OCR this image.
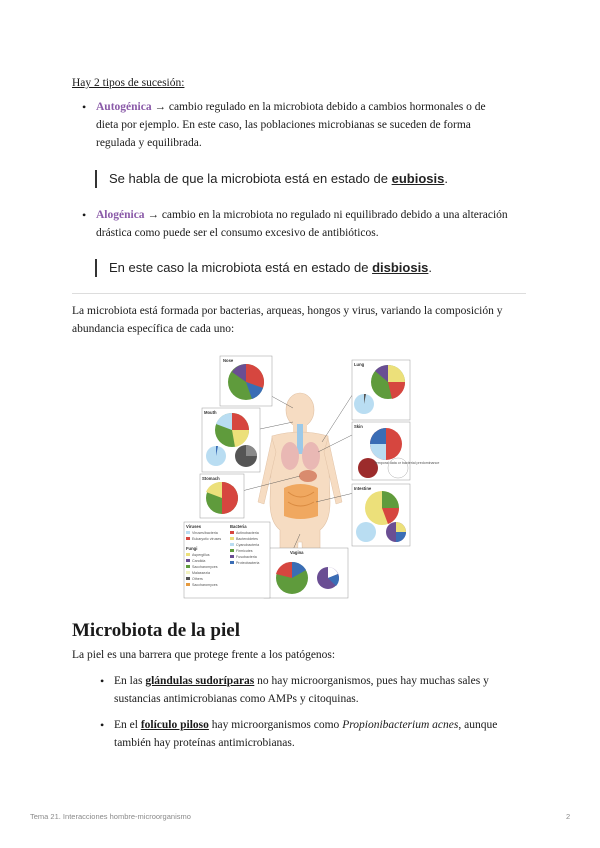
Hay 2 tipos de sucesión:
• Autogénica → cambio regulado en la microbiota debido a cambios hormonales o de
dieta por ejemplo. En este caso, las poblaciones microbianas se suceden de forma
regulada y equilibrada.
Se habla de que la microbiota está en estado de eubiosis.
• Alogénica → cambio en la microbiota no regulado ni equilibrado debido a una alteración
drástica como puede ser el consumo excesivo de antibióticos.
En este caso la microbiota está en estado de disbiosis.
La microbiota está formada por bacterias, arqueas, hongos y virus, variando la composición y
abundancia específica de cada uno:
Nose
Mouth
Stomach
Lung
Skin
Temporal data or bacterial predominance
Intestine
Vagina
Viruses
Viruses/bacteria
Eukaryotic viruses
Fungi
Aspergillus
Candida
Saccharomyces
Malassezia
Others
Saccharomyces
Bacteria
Actinobacteria
Bacteroidetes
Cyanobacteria
Firmicutes
Fusobacteria
Proteobacteria
Microbiota de la piel
La piel es una barrera que protege frente a los patógenos:
• En las glándulas sudoríparas no hay microorganismos, pues hay muchas sales y
sustancias antimicrobianas como AMPs y citoquinas.
• En el folículo piloso hay microorganismos como Propionibacterium acnes, aunque
también hay proteínas antimicrobianas.
Tema 21. Interacciones hombre-microorganismo	2
